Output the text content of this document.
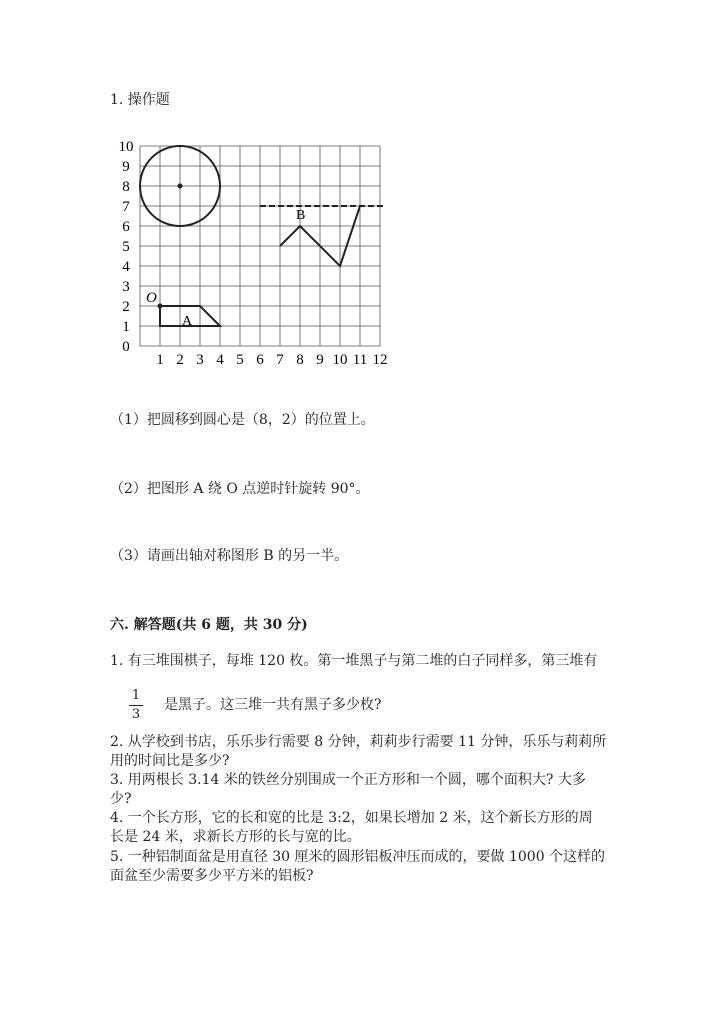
1. 操作题
1 2 3 4 5 6 7 8 9 10 11 12
0
1
2
3
4
5
6
7
8
9
10
O
A
B
（1）把圆移到圆心是（8，2）的位置上。
（2）把图形 A 绕 O 点逆时针旋转 90°。
（3）请画出轴对称图形 B 的另一半。
六. 解答题(共 6 题，共 30 分)
1. 有三堆围棋子，每堆 120 枚。第一堆黑子与第二堆的白子同样多，第三堆有
1
3
是黑子。这三堆一共有黑子多少枚?
2. 从学校到书店，乐乐步行需要 8 分钟，莉莉步行需要 11 分钟，乐乐与莉莉所
用的时间比是多少?
3. 用两根长 3.14 米的铁丝分别围成一个正方形和一个圆，哪个面积大? 大多
少?
4. 一个长方形，它的长和宽的比是 3:2，如果长增加 2 米，这个新长方形的周
长是 24 米，求新长方形的长与宽的比。
5. 一种铝制面盆是用直径 30 厘米的圆形铝板冲压而成的，要做 1000 个这样的
面盆至少需要多少平方米的铝板?
